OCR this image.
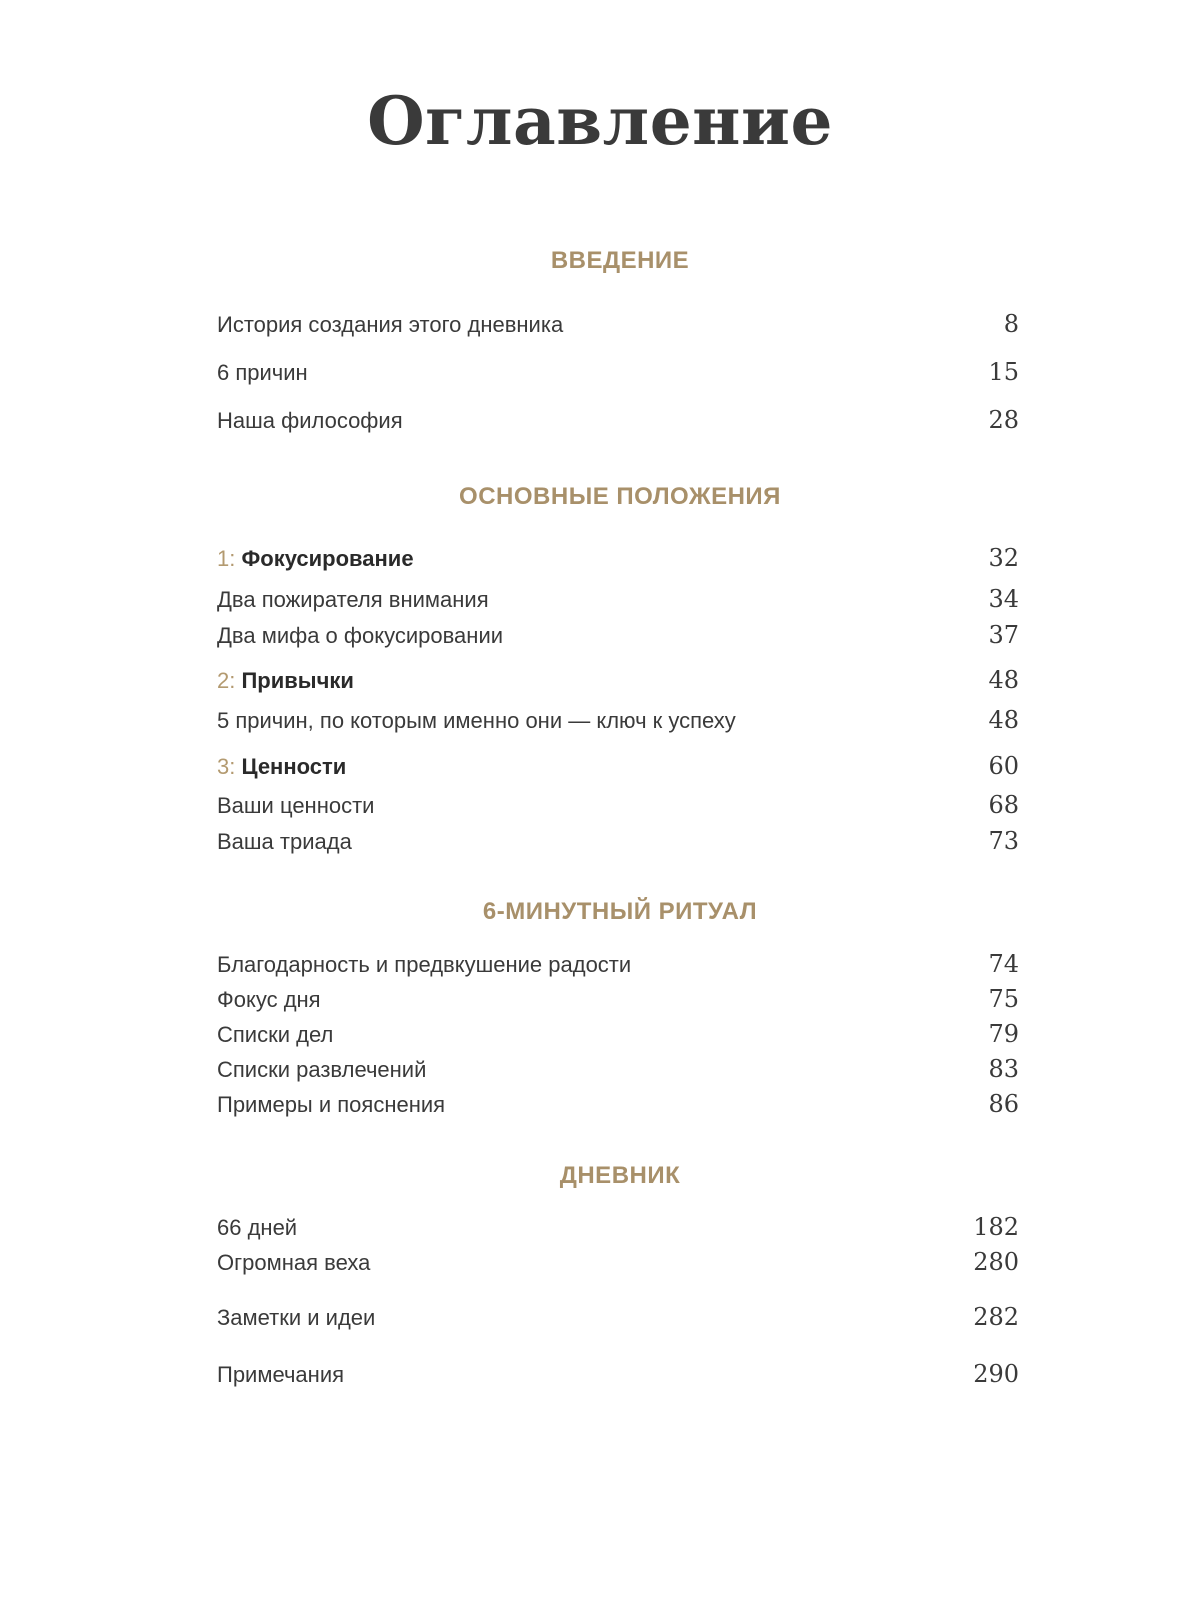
Оглавление
ВВЕДЕНИЕ
История создания этого дневника	8
6 причин	15
Наша философия	28
ОСНОВНЫЕ ПОЛОЖЕНИЯ
1: Фокусирование	32
Два пожирателя внимания	34
Два мифа о фокусировании	37
2: Привычки	48
5 причин, по которым именно они — ключ к успеху	48
3: Ценности	60
Ваши ценности	68
Ваша триада	73
6-МИНУТНЫЙ РИТУАЛ
Благодарность и предвкушение радости	74
Фокус дня	75
Списки дел	79
Списки развлечений	83
Примеры и пояснения	86
ДНЕВНИК
66 дней	182
Огромная веха	280
Заметки и идеи	282
Примечания	290
